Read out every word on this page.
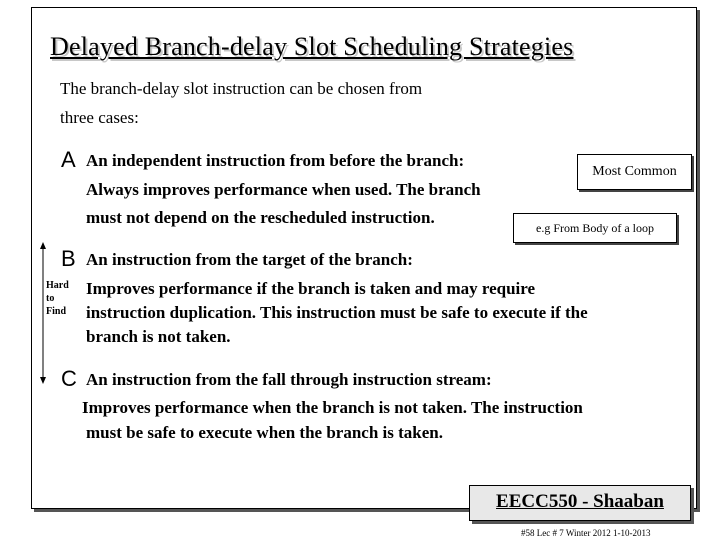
Delayed Branch-delay Slot Scheduling Strategies
The branch-delay slot instruction can be chosen from
three cases:
A An independent instruction from before the branch:
Always improves performance when used. The branch
must not depend on the rescheduled instruction.
Most Common
e.g From Body of a loop
B An instruction from the target of the branch:
Improves performance if the branch is taken and may require
instruction duplication. This instruction must be safe to execute if the
branch is not taken.
Hard
to
Find
C An instruction from the fall through instruction stream:
Improves performance when the branch is not taken. The instruction
must be safe to execute when the branch is taken.
EECC550 - Shaaban
#58 Lec # 7 Winter 2012 1-10-2013
